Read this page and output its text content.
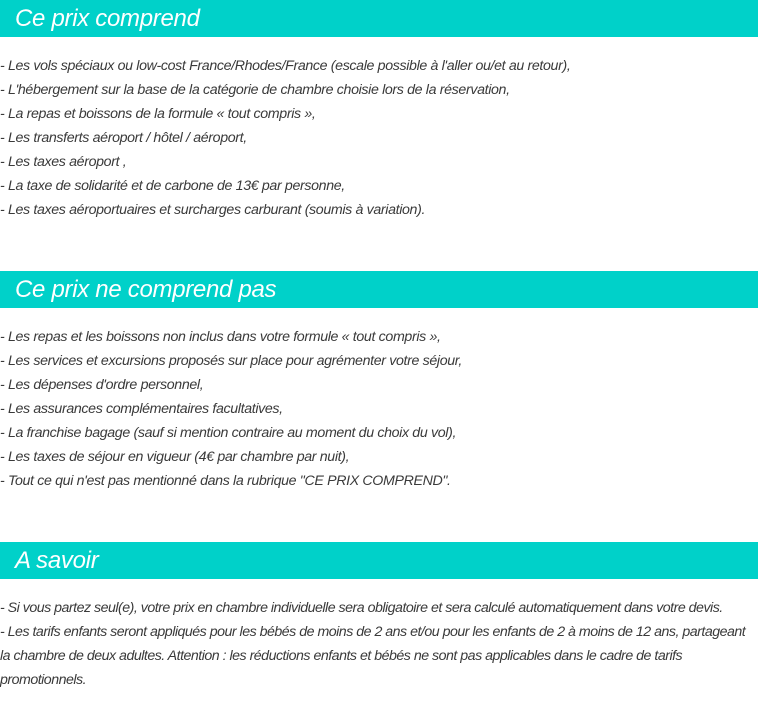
Ce prix comprend
- Les vols spéciaux ou low-cost France/Rhodes/France (escale possible à l'aller ou/et au retour),
- L'hébergement sur la base de la catégorie de chambre choisie lors de la réservation,
- La repas et boissons de la formule « tout compris »,
- Les transferts aéroport / hôtel / aéroport,
- Les taxes aéroport ,
- La taxe de solidarité et de carbone de 13€ par personne,
- Les taxes aéroportuaires et surcharges carburant (soumis à variation).
Ce prix ne comprend pas
- Les repas et les boissons non inclus dans votre formule « tout compris »,
- Les services et excursions proposés sur place pour agrémenter votre séjour,
- Les dépenses d'ordre personnel,
- Les assurances complémentaires facultatives,
- La franchise bagage (sauf si mention contraire au moment du choix du vol),
- Les taxes de séjour en vigueur (4€ par chambre par nuit),
- Tout ce qui n'est pas mentionné dans la rubrique "CE PRIX COMPREND".
A savoir
- Si vous partez seul(e), votre prix en chambre individuelle sera obligatoire et sera calculé automatiquement dans votre devis.
- Les tarifs enfants seront appliqués pour les bébés de moins de 2 ans et/ou pour les enfants de 2 à moins de 12 ans, partageant la chambre de deux adultes. Attention : les réductions enfants et bébés ne sont pas applicables dans le cadre de tarifs promotionnels.
